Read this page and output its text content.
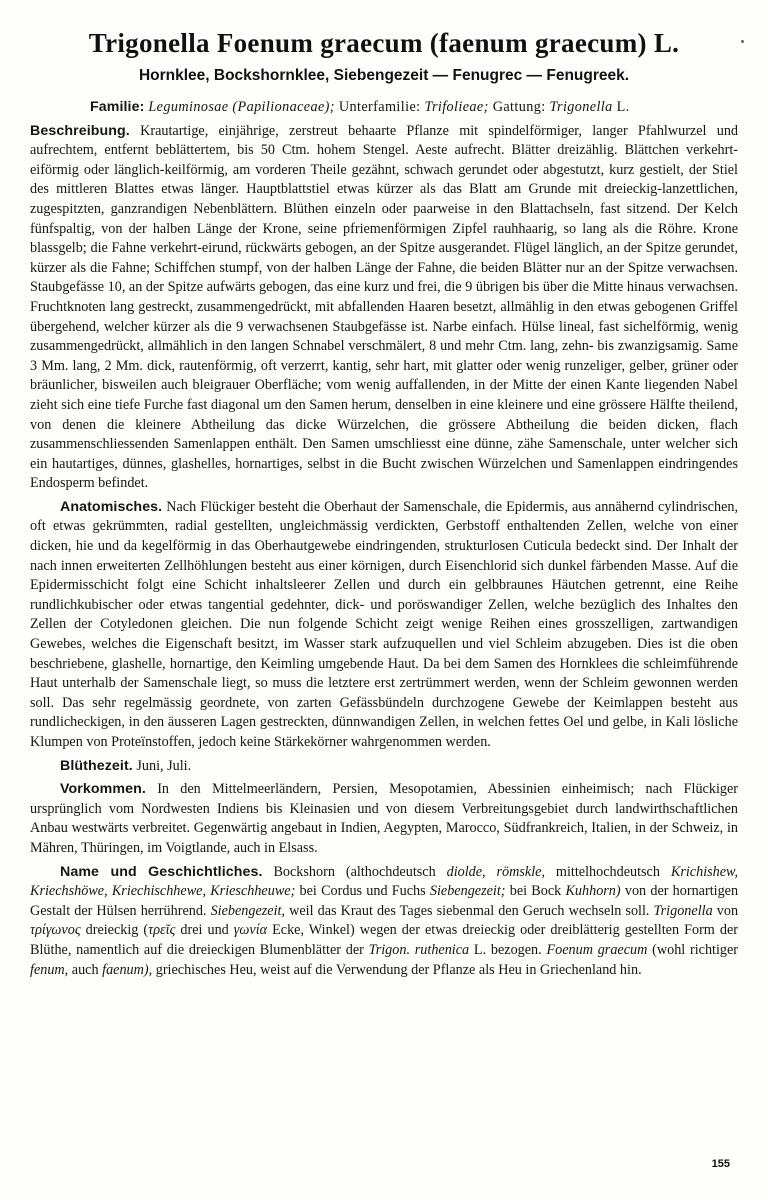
Trigonella Foenum graecum (faenum graecum) L.
Hornklee, Bockshornklee, Siebengezeit — Fenugrec — Fenugreek.

Familie: Leguminosae (Papilionaceae); Unterfamilie: Trifolieae; Gattung: Trigonella L.

Beschreibung. Krautartige, einjährige, zerstreut behaarte Pflanze mit spindelförmiger, langer Pfahlwurzel und aufrechtem, entfernt beblättertem, bis 50 Ctm. hohem Stengel. Aeste aufrecht. Blätter dreizählig. Blättchen verkehrt-eiförmig oder länglich-keilförmig, am vorderen Theile gezähnt, schwach gerundet oder abgestutzt, kurz gestielt, der Stiel des mittleren Blattes etwas länger. Hauptblattstiel etwas kürzer als das Blatt am Grunde mit dreieckig-lanzettlichen, zugespitzten, ganzrandigen Nebenblättern. Blüthen einzeln oder paarweise in den Blattachseln, fast sitzend. Der Kelch fünfspaltig, von der halben Länge der Krone, seine pfriemenförmigen Zipfel rauhhaarig, so lang als die Röhre. Krone blassgelb; die Fahne verkehrt-eirund, rückwärts gebogen, an der Spitze ausgerandet. Flügel länglich, an der Spitze gerundet, kürzer als die Fahne; Schiffchen stumpf, von der halben Länge der Fahne, die beiden Blätter nur an der Spitze verwachsen. Staubgefässe 10, an der Spitze aufwärts gebogen, das eine kurz und frei, die 9 übrigen bis über die Mitte hinaus verwachsen. Fruchtknoten lang gestreckt, zusammengedrückt, mit abfallenden Haaren besetzt, allmählig in den etwas gebogenen Griffel übergehend, welcher kürzer als die 9 verwachsenen Staubgefässe ist. Narbe einfach. Hülse lineal, fast sichelförmig, wenig zusammengedrückt, allmählich in den langen Schnabel verschmälert, 8 und mehr Ctm. lang, zehn- bis zwanzigsamig. Same 3 Mm. lang, 2 Mm. dick, rautenförmig, oft verzerrt, kantig, sehr hart, mit glatter oder wenig runzeliger, gelber, grüner oder bräunlicher, bisweilen auch bleigrauer Oberfläche; vom wenig auffallenden, in der Mitte der einen Kante liegenden Nabel zieht sich eine tiefe Furche fast diagonal um den Samen herum, denselben in eine kleinere und eine grössere Hälfte theilend, von denen die kleinere Abtheilung das dicke Würzelchen, die grössere Abtheilung die beiden dicken, flach zusammenschliessenden Samenlappen enthält. Den Samen umschliesst eine dünne, zähe Samenschale, unter welcher sich ein hautartiges, dünnes, glashelles, hornartiges, selbst in die Bucht zwischen Würzelchen und Samenlappen eindringendes Endosperm befindet.

Anatomisches. Nach Flückiger besteht die Oberhaut der Samenschale, die Epidermis, aus annähernd cylindrischen, oft etwas gekrümmten, radial gestellten, ungleichmässig verdickten, Gerbstoff enthaltenden Zellen, welche von einer dicken, hie und da kegelförmig in das Oberhautgewebe eindringenden, strukturlosen Cuticula bedeckt sind. Der Inhalt der nach innen erweiterten Zellhöhlungen besteht aus einer körnigen, durch Eisenchlorid sich dunkel färbenden Masse. Auf die Epidermisschicht folgt eine Schicht inhaltsleerer Zellen und durch ein gelbbraunes Häutchen getrennt, eine Reihe rundlichkubischer oder etwas tangential gedehnter, dick- und poröswandiger Zellen, welche bezüglich des Inhaltes den Zellen der Cotyledonen gleichen. Die nun folgende Schicht zeigt wenige Reihen eines grosszelligen, zartwandigen Gewebes, welches die Eigenschaft besitzt, im Wasser stark aufzuquellen und viel Schleim abzugeben. Dies ist die oben beschriebene, glashelle, hornartige, den Keimling umgebende Haut. Da bei dem Samen des Hornklees die schleimführende Haut unterhalb der Samenschale liegt, so muss die letztere erst zertrümmert werden, wenn der Schleim gewonnen werden soll. Das sehr regelmässig geordnete, von zarten Gefässbündeln durchzogene Gewebe der Keimlappen besteht aus rundlicheckigen, in den äusseren Lagen gestreckten, dünnwandigen Zellen, in welchen fettes Oel und gelbe, in Kali lösliche Klumpen von Proteïnstoffen, jedoch keine Stärkekörner wahrgenommen werden.

Blüthezeit. Juni, Juli.

Vorkommen. In den Mittelmeerländern, Persien, Mesopotamien, Abessinien einheimisch; nach Flückiger ursprünglich vom Nordwesten Indiens bis Kleinasien und von diesem Verbreitungsgebiet durch landwirthschaftlichen Anbau westwärts verbreitet. Gegenwärtig angebaut in Indien, Aegypten, Marocco, Südfrankreich, Italien, in der Schweiz, in Mähren, Thüringen, im Voigtlande, auch in Elsass.

Name und Geschichtliches. Bockshorn (althochdeutsch diolde, römskle, mittelhochdeutsch Krichishew, Kriechshöwe, Kriechischhewe, Krieschheuwe; bei Cordus und Fuchs Siebengezeit; bei Bock Kuhhorn) von der hornartigen Gestalt der Hülsen herrührend. Siebengezeit, weil das Kraut des Tages siebenmal den Geruch wechseln soll. Trigonella von τρίγωνος dreieckig (τρεῖς drei und γωνία Ecke, Winkel) wegen der etwas dreieckig oder dreiblätterig gestellten Form der Blüthe, namentlich auf die dreieckigen Blumenblätter der Trigon. ruthenica L. bezogen. Foenum graecum (wohl richtiger fenum, auch faenum), griechisches Heu, weist auf die Verwendung der Pflanze als Heu in Griechenland hin.

155
